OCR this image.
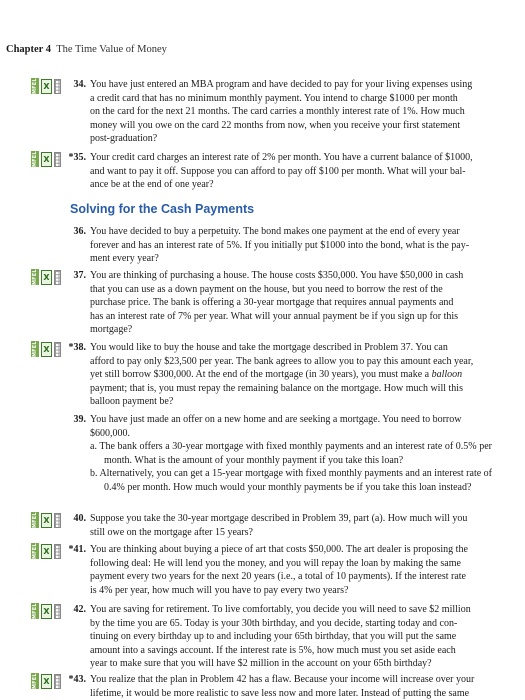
Chapter 4 The Time Value of Money
MFEL X	34. You have just entered an MBA program and have decided to pay for your living expenses using
a credit card that has no minimum monthly payment. You intend to charge $1000 per month
on the card for the next 21 months. The card carries a monthly interest rate of 1%. How much
money will you owe on the card 22 months from now, when you receive your first statement
post-graduation?
MFEL X	*35. Your credit card charges an interest rate of 2% per month. You have a current balance of $1000,
and want to pay it off. Suppose you can afford to pay off $100 per month. What will your bal-
ance be at the end of one year?
Solving for the Cash Payments
36. You have decided to buy a perpetuity. The bond makes one payment at the end of every year
forever and has an interest rate of 5%. If you initially put $1000 into the bond, what is the pay-
ment every year?
MFEL X	37. You are thinking of purchasing a house. The house costs $350,000. You have $50,000 in cash
that you can use as a down payment on the house, but you need to borrow the rest of the
purchase price. The bank is offering a 30-year mortgage that requires annual payments and
has an interest rate of 7% per year. What will your annual payment be if you sign up for this
mortgage?
MFEL X	*38. You would like to buy the house and take the mortgage described in Problem 37. You can
afford to pay only $23,500 per year. The bank agrees to allow you to pay this amount each year,
yet still borrow $300,000. At the end of the mortgage (in 30 years), you must make a balloon
payment; that is, you must repay the remaining balance on the mortgage. How much will this
balloon payment be?
39. You have just made an offer on a new home and are seeking a mortgage. You need to borrow
$600,000.
a. The bank offers a 30-year mortgage with fixed monthly payments and an interest rate of 0.5% per month. What is the amount of your monthly payment if you take this loan?
b. Alternatively, you can get a 15-year mortgage with fixed monthly payments and an interest rate of 0.4% per month. How much would your monthly payments be if you take this loan instead?
MFEL X	40. Suppose you take the 30-year mortgage described in Problem 39, part (a). How much will you
still owe on the mortgage after 15 years?
MFEL X	*41. You are thinking about buying a piece of art that costs $50,000. The art dealer is proposing the
following deal: He will lend you the money, and you will repay the loan by making the same
payment every two years for the next 20 years (i.e., a total of 10 payments). If the interest rate
is 4% per year, how much will you have to pay every two years?
MFEL X	42. You are saving for retirement. To live comfortably, you decide you will need to save $2 million
by the time you are 65. Today is your 30th birthday, and you decide, starting today and con-
tinuing on every birthday up to and including your 65th birthday, that you will put the same
amount into a savings account. If the interest rate is 5%, how much must you set aside each
year to make sure that you will have $2 million in the account on your 65th birthday?
MFEL X	*43. You realize that the plan in Problem 42 has a flaw. Because your income will increase over your
lifetime, it would be more realistic to save less now and more later. Instead of putting the same
